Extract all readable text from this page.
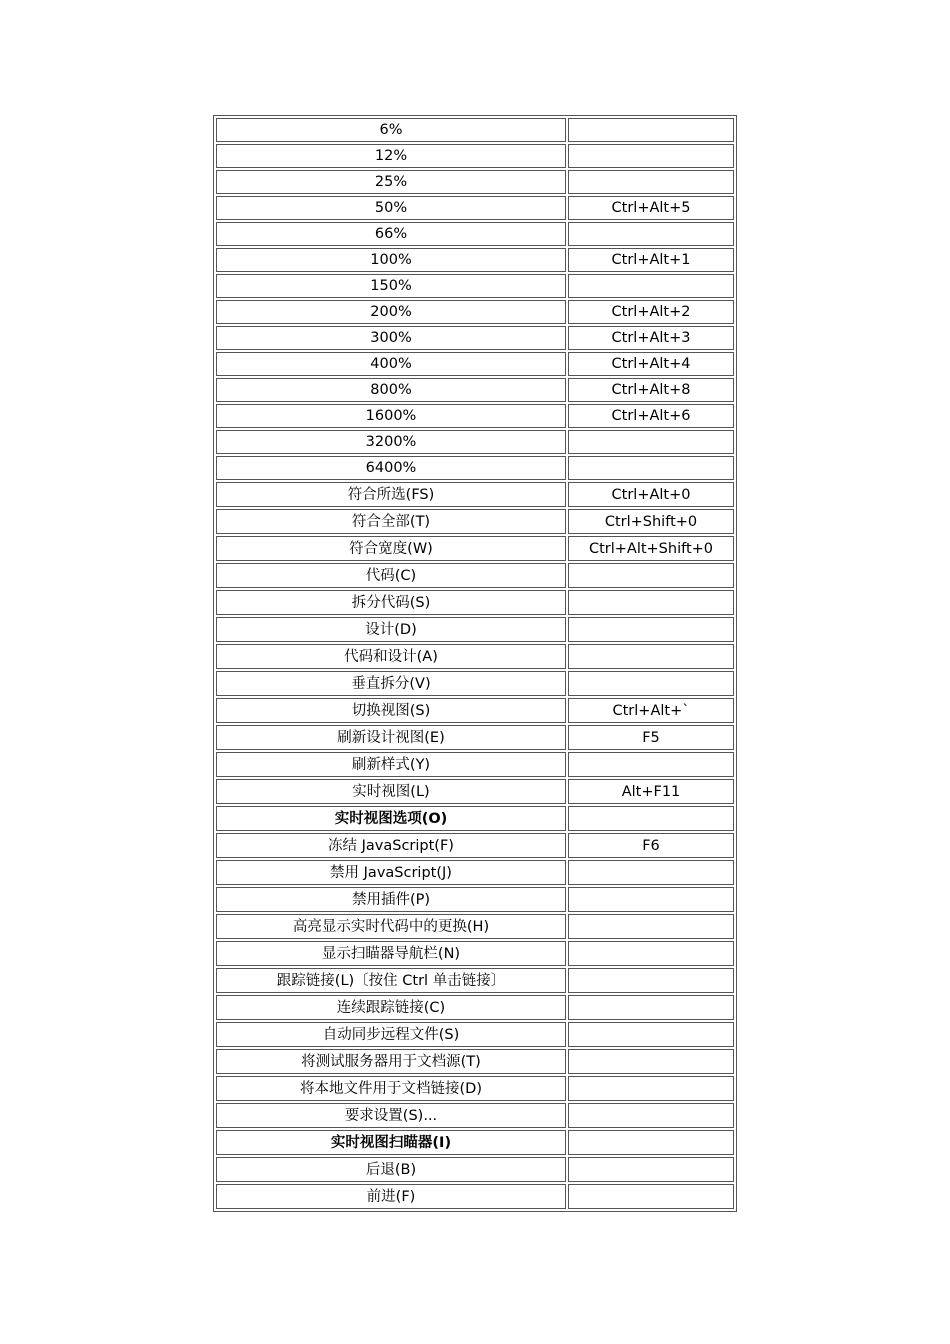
6%	
12%	
25%	
50%	Ctrl+Alt+5
66%	
100%	Ctrl+Alt+1
150%	
200%	Ctrl+Alt+2
300%	Ctrl+Alt+3
400%	Ctrl+Alt+4
800%	Ctrl+Alt+8
1600%	Ctrl+Alt+6
3200%	
6400%	
符合所选(FS)	Ctrl+Alt+0
符合全部(T)	Ctrl+Shift+0
符合宽度(W)	Ctrl+Alt+Shift+0
代码(C)	
拆分代码(S)	
设计(D)	
代码和设计(A)	
垂直拆分(V)	
切换视图(S)	Ctrl+Alt+`
刷新设计视图(E)	F5
刷新样式(Y)	
实时视图(L)	Alt+F11
实时视图选项(O)	
冻结 JavaScript(F)	F6
禁用 JavaScript(J)	
禁用插件(P)	
高亮显示实时代码中的更换(H)	
显示扫瞄器导航栏(N)	
跟踪链接(L)〔按住 Ctrl 单击链接〕	
连续跟踪链接(C)	
自动同步远程文件(S)	
将测试服务器用于文档源(T)	
将本地文件用于文档链接(D)	
要求设置(S)...	
实时视图扫瞄器(I)	
后退(B)	
前进(F)	
